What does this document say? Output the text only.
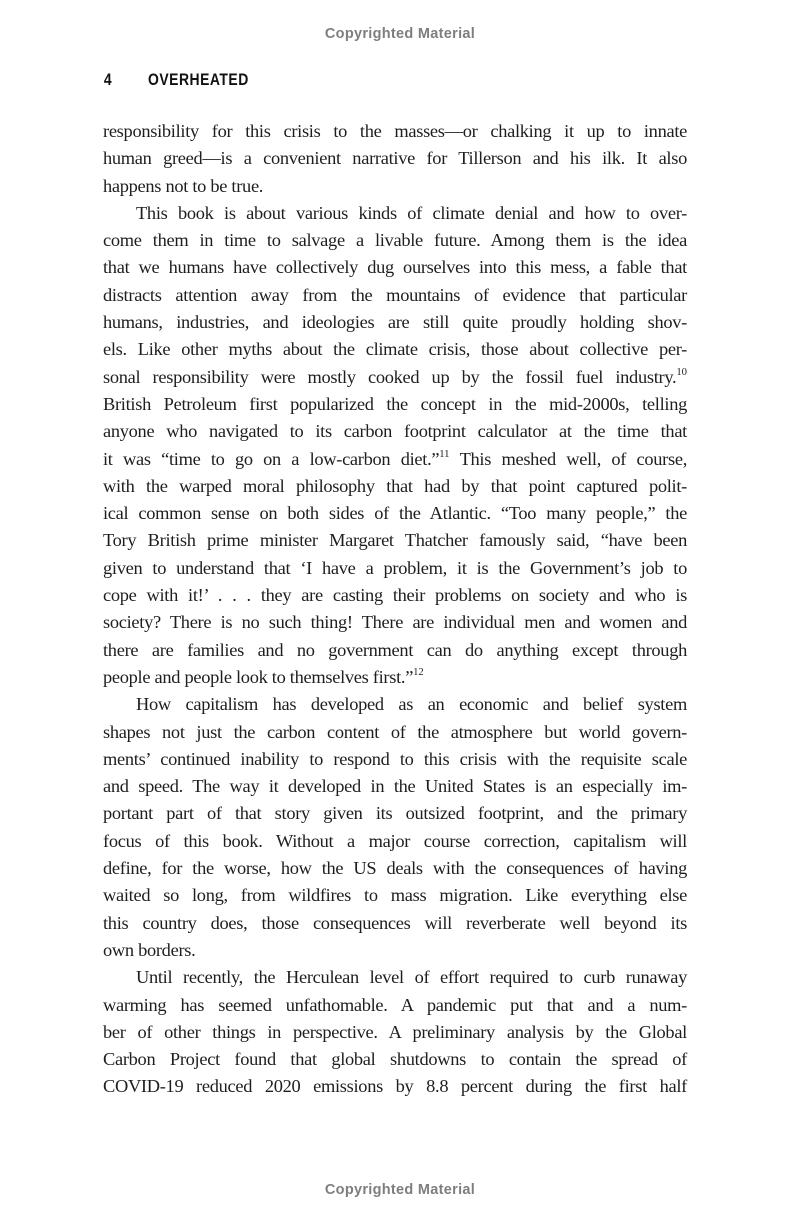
Copyrighted Material
4 OVERHEATED
responsibility for this crisis to the masses—or chalking it up to innate
human greed—is a convenient narrative for Tillerson and his ilk. It also
happens not to be true.
This book is about various kinds of climate denial and how to over-
come them in time to salvage a livable future. Among them is the idea
that we humans have collectively dug ourselves into this mess, a fable that
distracts attention away from the mountains of evidence that particular
humans, industries, and ideologies are still quite proudly holding shov-
els. Like other myths about the climate crisis, those about collective per-
sonal responsibility were mostly cooked up by the fossil fuel industry.$^{10}$
British Petroleum first popularized the concept in the mid-2000s, telling
anyone who navigated to its carbon footprint calculator at the time that
it was “time to go on a low-carbon diet.”$^{11}$ This meshed well, of course,
with the warped moral philosophy that had by that point captured polit-
ical common sense on both sides of the Atlantic. “Too many people,” the
Tory British prime minister Margaret Thatcher famously said, “have been
given to understand that ‘I have a problem, it is the Government’s job to
cope with it!’ . . . they are casting their problems on society and who is
society? There is no such thing! There are individual men and women and
there are families and no government can do anything except through
people and people look to themselves first.”$^{12}$
How capitalism has developed as an economic and belief system
shapes not just the carbon content of the atmosphere but world govern-
ments’ continued inability to respond to this crisis with the requisite scale
and speed. The way it developed in the United States is an especially im-
portant part of that story given its outsized footprint, and the primary
focus of this book. Without a major course correction, capitalism will
define, for the worse, how the US deals with the consequences of having
waited so long, from wildfires to mass migration. Like everything else
this country does, those consequences will reverberate well beyond its
own borders.
Until recently, the Herculean level of effort required to curb runaway
warming has seemed unfathomable. A pandemic put that and a num-
ber of other things in perspective. A preliminary analysis by the Global
Carbon Project found that global shutdowns to contain the spread of
COVID-19 reduced 2020 emissions by 8.8 percent during the first half
Copyrighted Material
